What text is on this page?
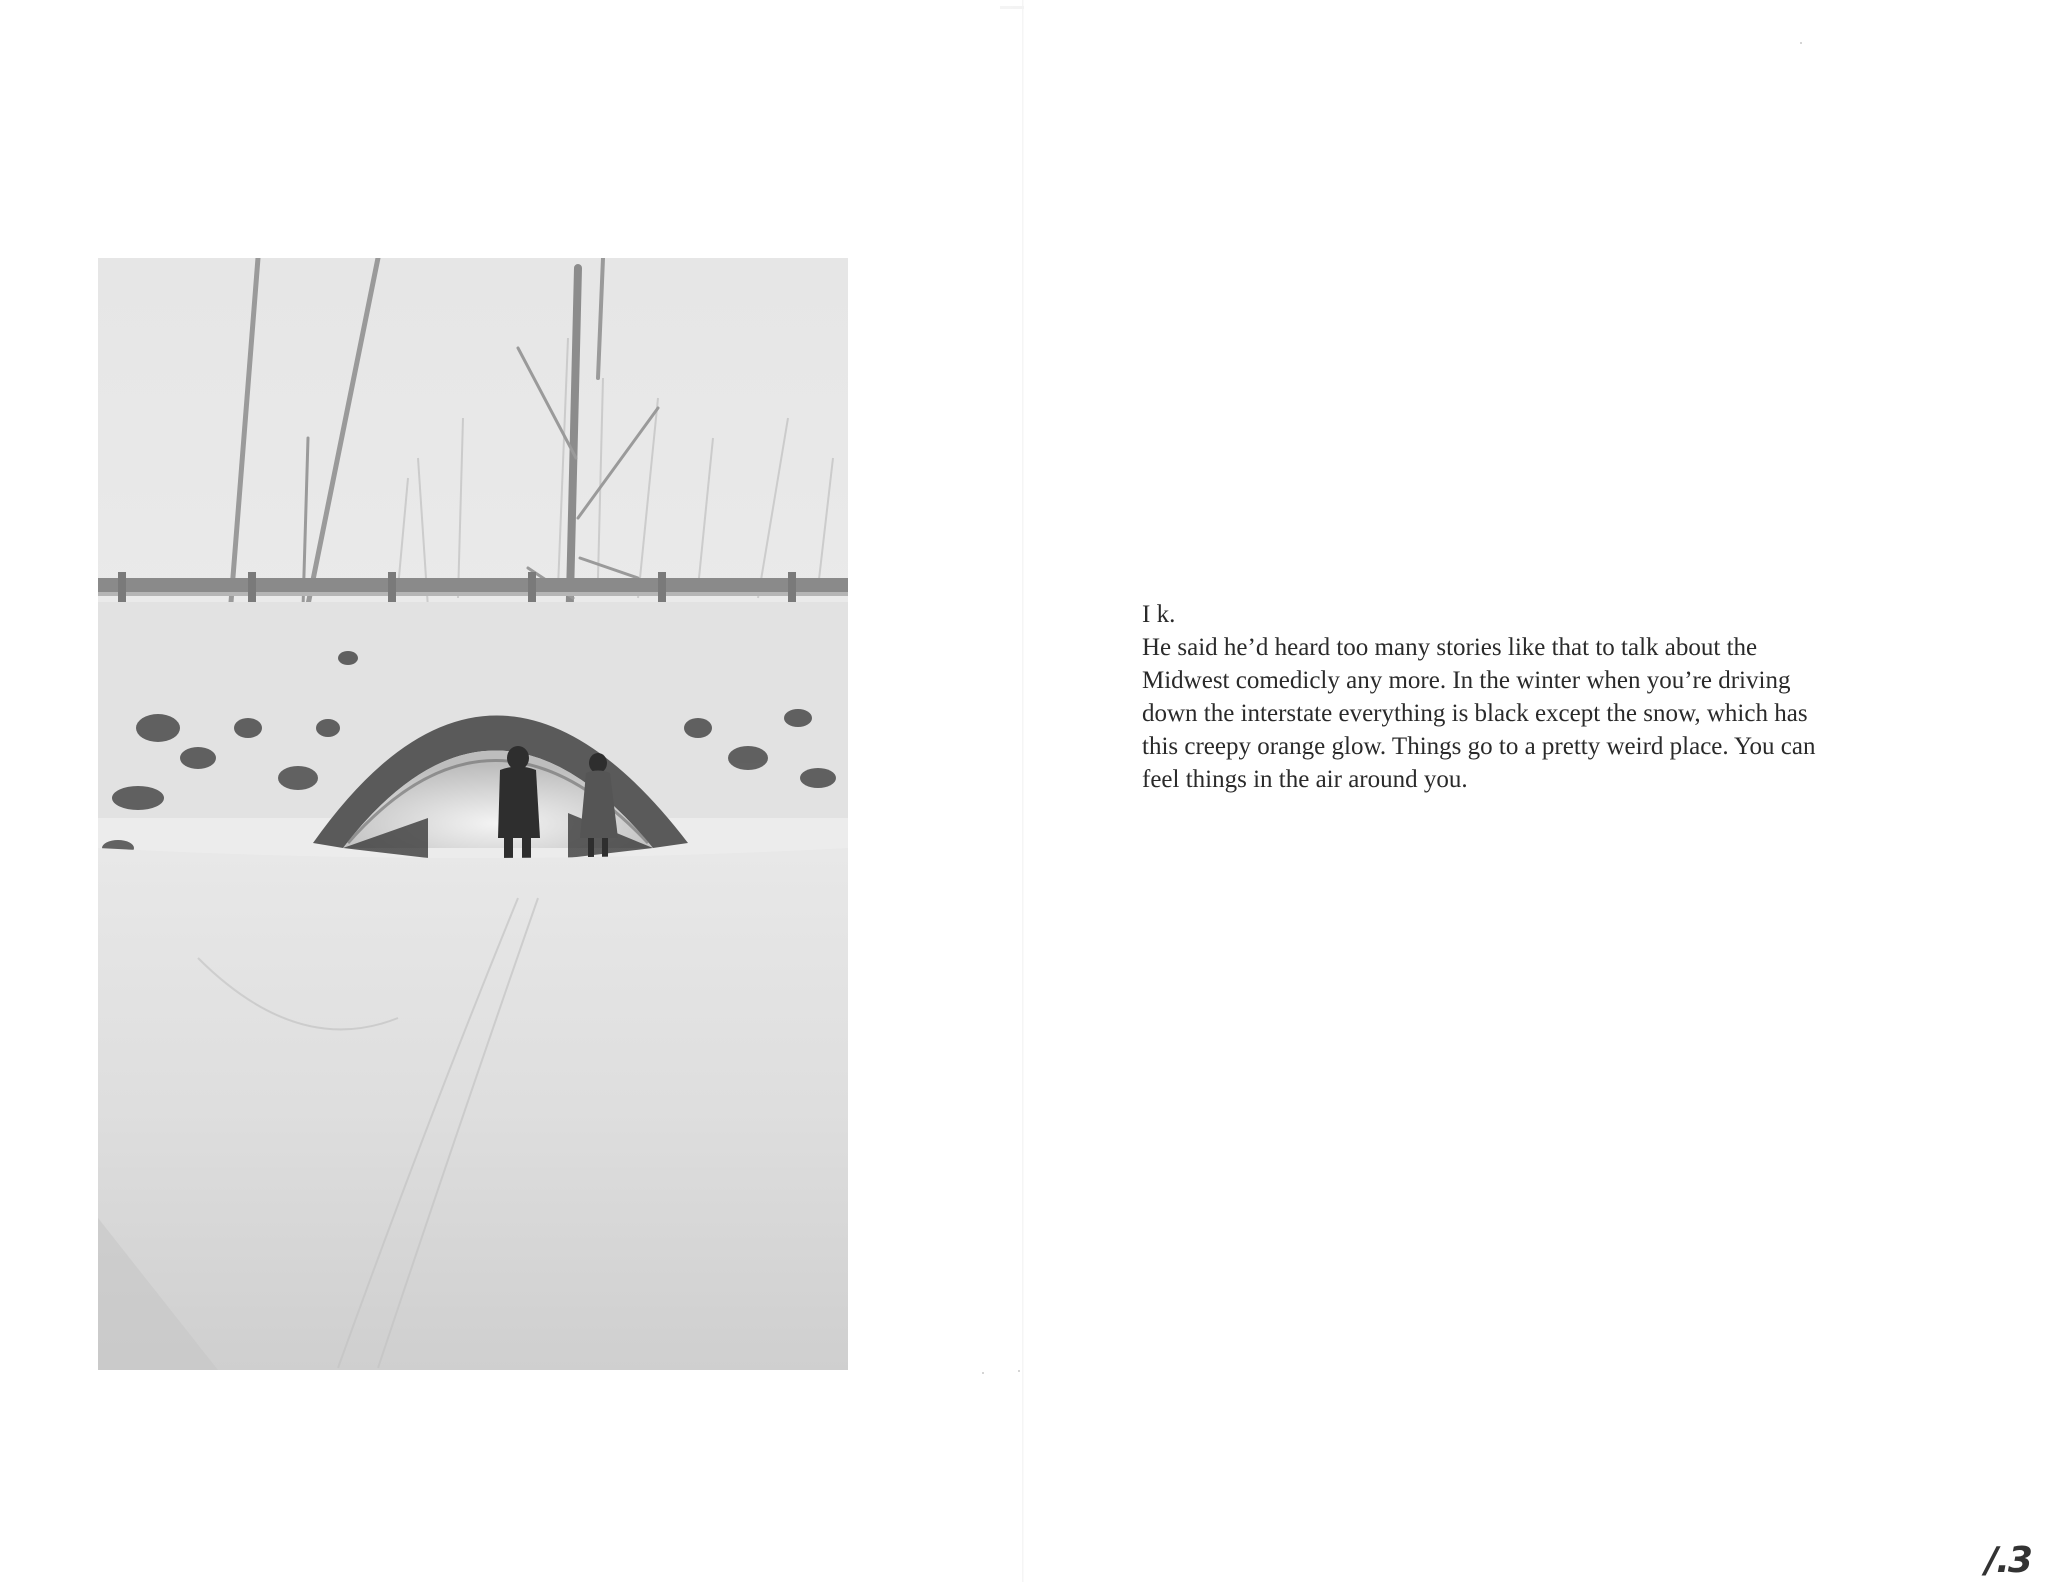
I k.

He said he’d heard too many stories like that to talk about the
Midwest comedicly any more. In the winter when you’re driving
down the interstate everything is black except the snow, which has
this creepy orange glow. Things go to a pretty weird place. You can
feel things in the air around you.

/.3
